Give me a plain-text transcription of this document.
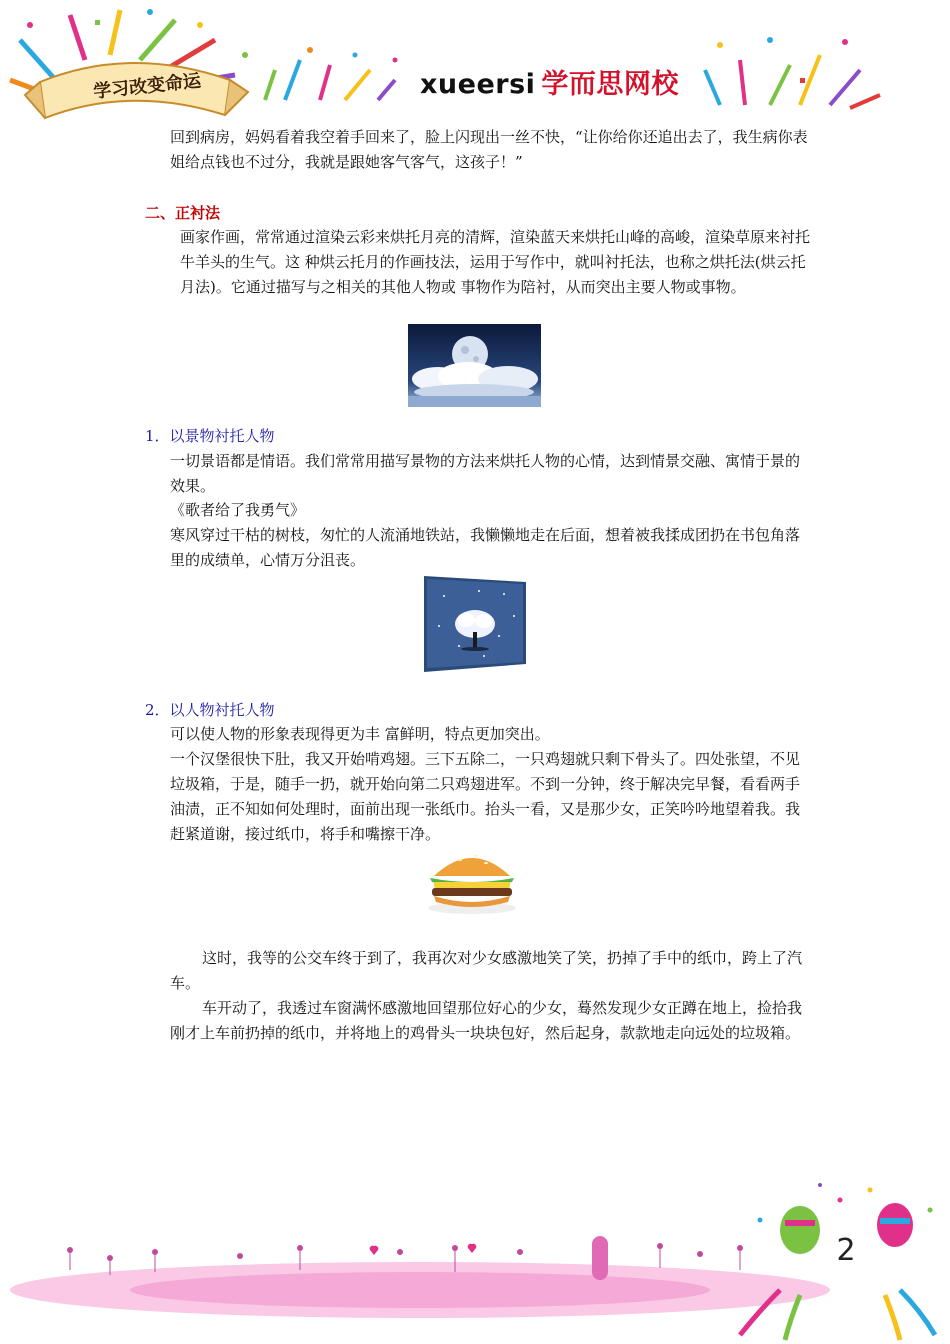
学习改变命运	xueersi 学而思网校

回到病房，妈妈看着我空着手回来了，脸上闪现出一丝不快，“让你给你还追出去了，我生病你表姐给点钱也不过分，我就是跟她客气客气，这孩子！”

二、正衬法

画家作画，常常通过渲染云彩来烘托月亮的清辉，渲染蓝天来烘托山峰的高峻，渲染草原来衬托牛羊头的生气。这 种烘云托月的作画技法，运用于写作中，就叫衬托法，也称之烘托法(烘云托月法)。它通过描写与之相关的其他人物或 事物作为陪衬，从而突出主要人物或事物。

1．以景物衬托人物

一切景语都是情语。我们常常用描写景物的方法来烘托人物的心情，达到情景交融、寓情于景的效果。

《歌者给了我勇气》

寒风穿过干枯的树枝，匆忙的人流涌地铁站，我懒懒地走在后面，想着被我揉成团扔在书包角落里的成绩单，心情万分沮丧。

2．以人物衬托人物

可以使人物的形象表现得更为丰 富鲜明，特点更加突出。

一个汉堡很快下肚，我又开始啃鸡翅。三下五除二，一只鸡翅就只剩下骨头了。四处张望，不见垃圾箱，于是，随手一扔，就开始向第二只鸡翅进军。不到一分钟，终于解决完早餐，看看两手油渍，正不知如何处理时，面前出现一张纸巾。抬头一看，又是那少女，正笑吟吟地望着我。我赶紧道谢，接过纸巾，将手和嘴擦干净。

这时，我等的公交车终于到了，我再次对少女感激地笑了笑，扔掉了手中的纸巾，跨上了汽车。

车开动了，我透过车窗满怀感激地回望那位好心的少女，蓦然发现少女正蹲在地上，捡拾我刚才上车前扔掉的纸巾，并将地上的鸡骨头一块块包好，然后起身，款款地走向远处的垃圾箱。

2
